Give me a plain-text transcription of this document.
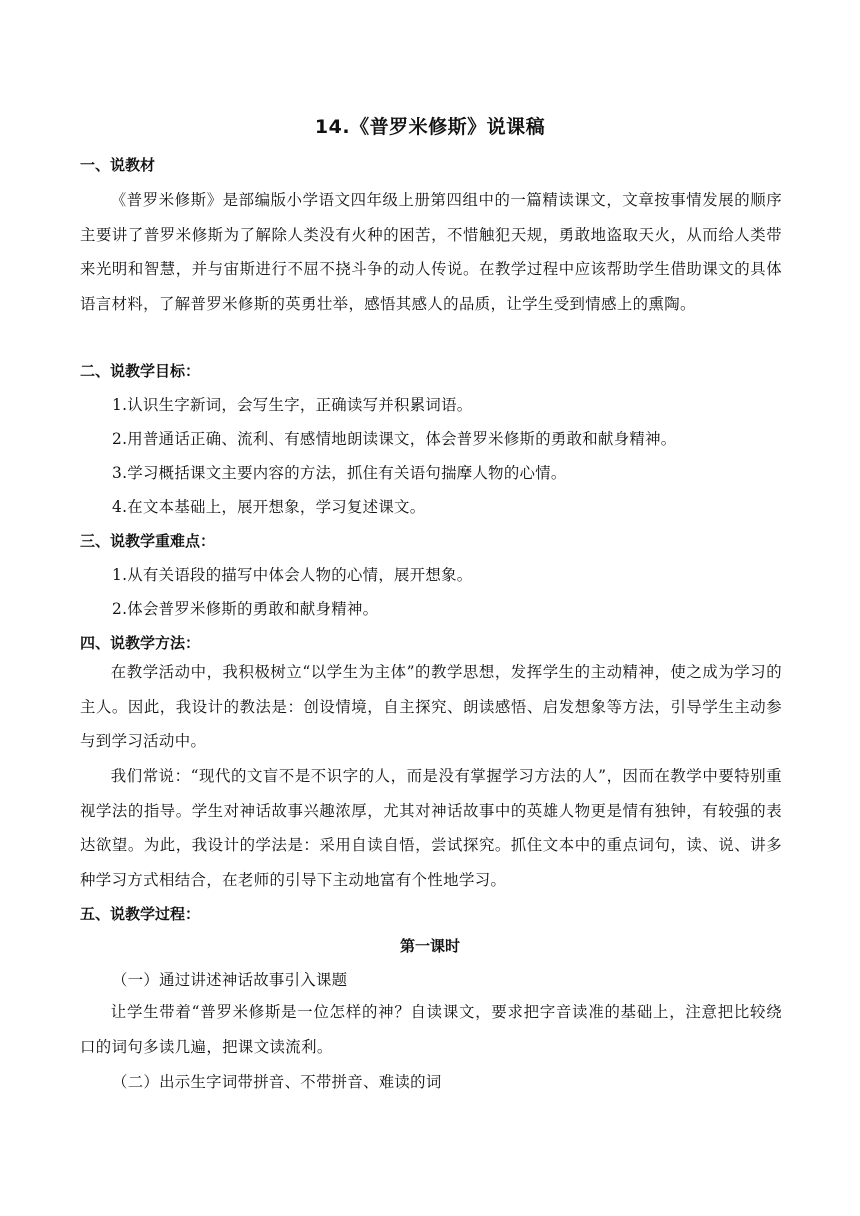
14.《普罗米修斯》说课稿
一、说教材

《普罗米修斯》是部编版小学语文四年级上册第四组中的一篇精读课文，文章按事情发展的顺序主要讲了普罗米修斯为了解除人类没有火种的困苦，不惜触犯天规，勇敢地盗取天火，从而给人类带来光明和智慧，并与宙斯进行不屈不挠斗争的动人传说。在教学过程中应该帮助学生借助课文的具体语言材料，了解普罗米修斯的英勇壮举，感悟其感人的品质，让学生受到情感上的熏陶。

二、说教学目标：
1.认识生字新词，会写生字，正确读写并积累词语。
2.用普通话正确、流利、有感情地朗读课文，体会普罗米修斯的勇敢和献身精神。
3.学习概括课文主要内容的方法，抓住有关语句揣摩人物的心情。
4.在文本基础上，展开想象，学习复述课文。
三、说教学重难点：
1.从有关语段的描写中体会人物的心情，展开想象。
2.体会普罗米修斯的勇敢和献身精神。
四、说教学方法：

在教学活动中，我积极树立“以学生为主体”的教学思想，发挥学生的主动精神，使之成为学习的主人。因此，我设计的教法是：创设情境，自主探究、朗读感悟、启发想象等方法，引导学生主动参与到学习活动中。

我们常说：“现代的文盲不是不识字的人，而是没有掌握学习方法的人”，因而在教学中要特别重视学法的指导。学生对神话故事兴趣浓厚，尤其对神话故事中的英雄人物更是情有独钟，有较强的表达欲望。为此，我设计的学法是：采用自读自悟，尝试探究。抓住文本中的重点词句，读、说、讲多种学习方式相结合，在老师的引导下主动地富有个性地学习。

五、说教学过程：
第一课时
（一）通过讲述神话故事引入课题

让学生带着“普罗米修斯是一位怎样的神？自读课文，要求把字音读准的基础上，注意把比较绕口的词句多读几遍，把课文读流利。

（二）出示生字词带拼音、不带拼音、难读的词
